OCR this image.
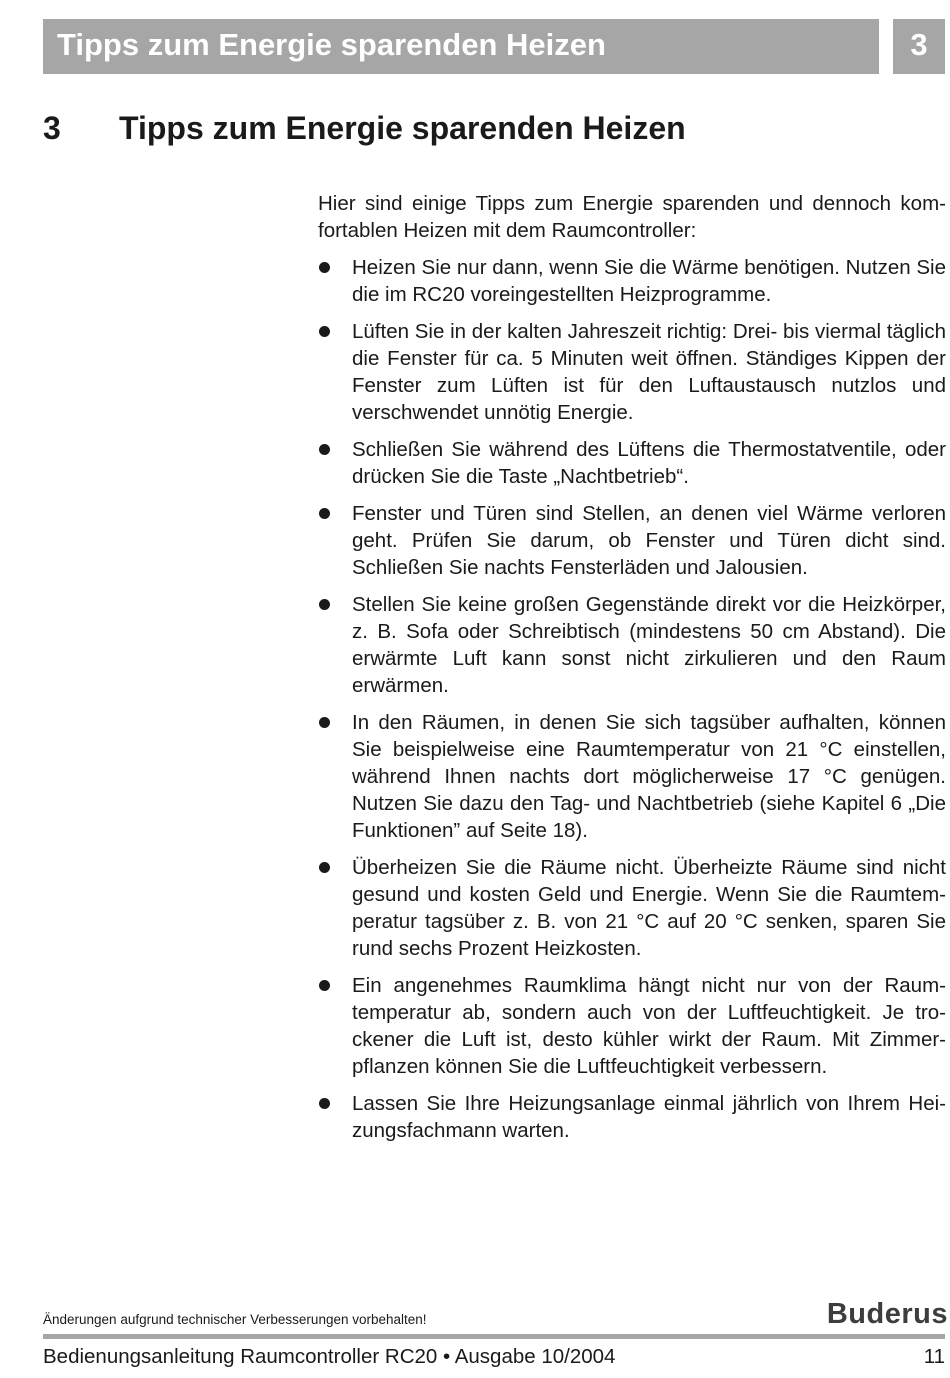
Tipps zum Energie sparenden Heizen	3
3 Tipps zum Energie sparenden Heizen

Hier sind einige Tipps zum Energie sparenden und dennoch komfortablen Heizen mit dem Raumcontroller:

Heizen Sie nur dann, wenn Sie die Wärme benötigen. Nutzen Sie die im RC20 voreingestellten Heizprogramme.
Lüften Sie in der kalten Jahreszeit richtig: Drei- bis viermal täglich die Fenster für ca. 5 Minuten weit öffnen. Ständiges Kippen der Fenster zum Lüften ist für den Luftaustausch nutzlos und verschwendet unnötig Energie.
Schließen Sie während des Lüftens die Thermostatventile, oder drücken Sie die Taste „Nachtbetrieb“.
Fenster und Türen sind Stellen, an denen viel Wärme verloren geht. Prüfen Sie darum, ob Fenster und Türen dicht sind. Schließen Sie nachts Fensterläden und Jalousien.
Stellen Sie keine großen Gegenstände direkt vor die Heizkörper, z. B. Sofa oder Schreibtisch (mindestens 50 cm Abstand). Die erwärmte Luft kann sonst nicht zirkulieren und den Raum erwärmen.
In den Räumen, in denen Sie sich tagsüber aufhalten, können Sie beispielweise eine Raumtemperatur von 21 °C einstellen, während Ihnen nachts dort möglicherweise 17 °C genügen. Nutzen Sie dazu den Tag- und Nachtbetrieb (siehe Kapitel 6 „Die Funktionen” auf Seite 18).
Überheizen Sie die Räume nicht. Überheizte Räume sind nicht gesund und kosten Geld und Energie. Wenn Sie die Raumtemperatur tagsüber z. B. von 21 °C auf 20 °C senken, sparen Sie rund sechs Prozent Heizkosten.
Ein angenehmes Raumklima hängt nicht nur von der Raumtemperatur ab, sondern auch von der Luftfeuchtigkeit. Je trockener die Luft ist, desto kühler wirkt der Raum. Mit Zimmerpflanzen können Sie die Luftfeuchtigkeit verbessern.
Lassen Sie Ihre Heizungsanlage einmal jährlich von Ihrem Heizungsfachmann warten.
Änderungen aufgrund technischer Verbesserungen vorbehalten!	Buderus
Bedienungsanleitung Raumcontroller RC20 • Ausgabe 10/2004	11
